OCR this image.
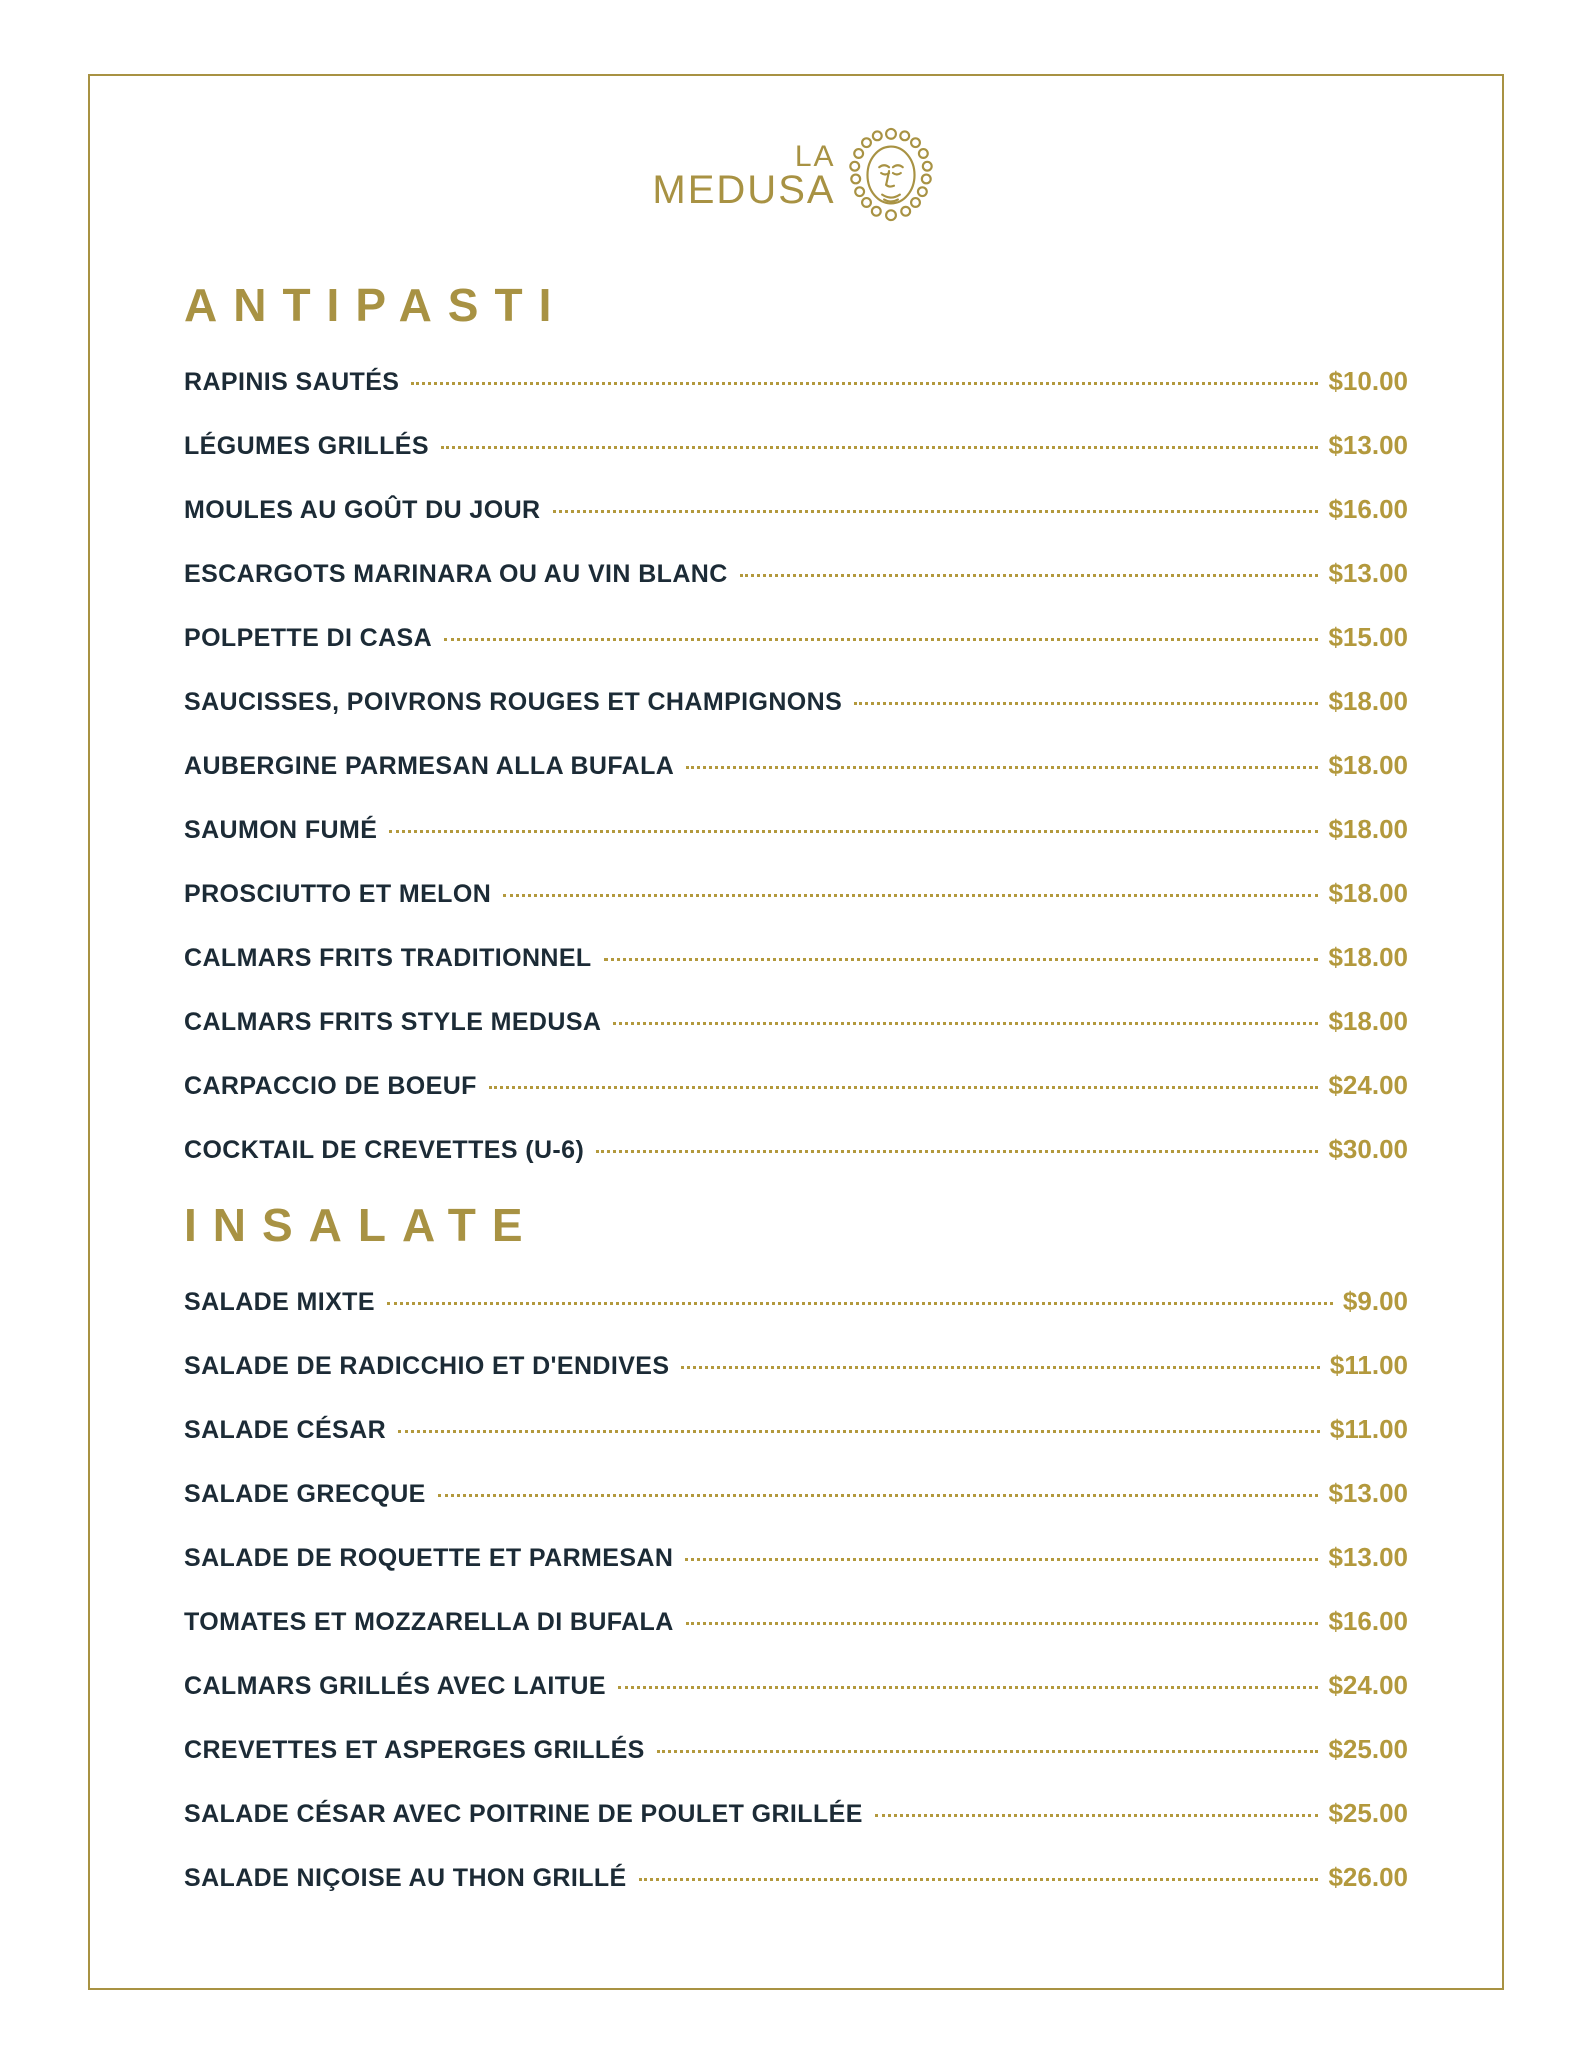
LA
MEDUSA
ANTIPASTI
RAPINIS SAUTÉS	$10.00
LÉGUMES GRILLÉS	$13.00
MOULES AU GOÛT DU JOUR	$16.00
ESCARGOTS MARINARA OU AU VIN BLANC	$13.00
POLPETTE DI CASA	$15.00
SAUCISSES, POIVRONS ROUGES ET CHAMPIGNONS	$18.00
AUBERGINE PARMESAN ALLA BUFALA	$18.00
SAUMON FUMÉ	$18.00
PROSCIUTTO ET MELON	$18.00
CALMARS FRITS TRADITIONNEL	$18.00
CALMARS FRITS STYLE MEDUSA	$18.00
CARPACCIO DE BOEUF	$24.00
COCKTAIL DE CREVETTES (U-6)	$30.00
INSALATE
SALADE MIXTE	$9.00
SALADE DE RADICCHIO ET D'ENDIVES	$11.00
SALADE CÉSAR	$11.00
SALADE GRECQUE	$13.00
SALADE DE ROQUETTE ET PARMESAN	$13.00
TOMATES ET MOZZARELLA DI BUFALA	$16.00
CALMARS GRILLÉS AVEC LAITUE	$24.00
CREVETTES ET ASPERGES GRILLÉS	$25.00
SALADE CÉSAR AVEC POITRINE DE POULET GRILLÉE	$25.00
SALADE NIÇOISE AU THON GRILLÉ	$26.00
